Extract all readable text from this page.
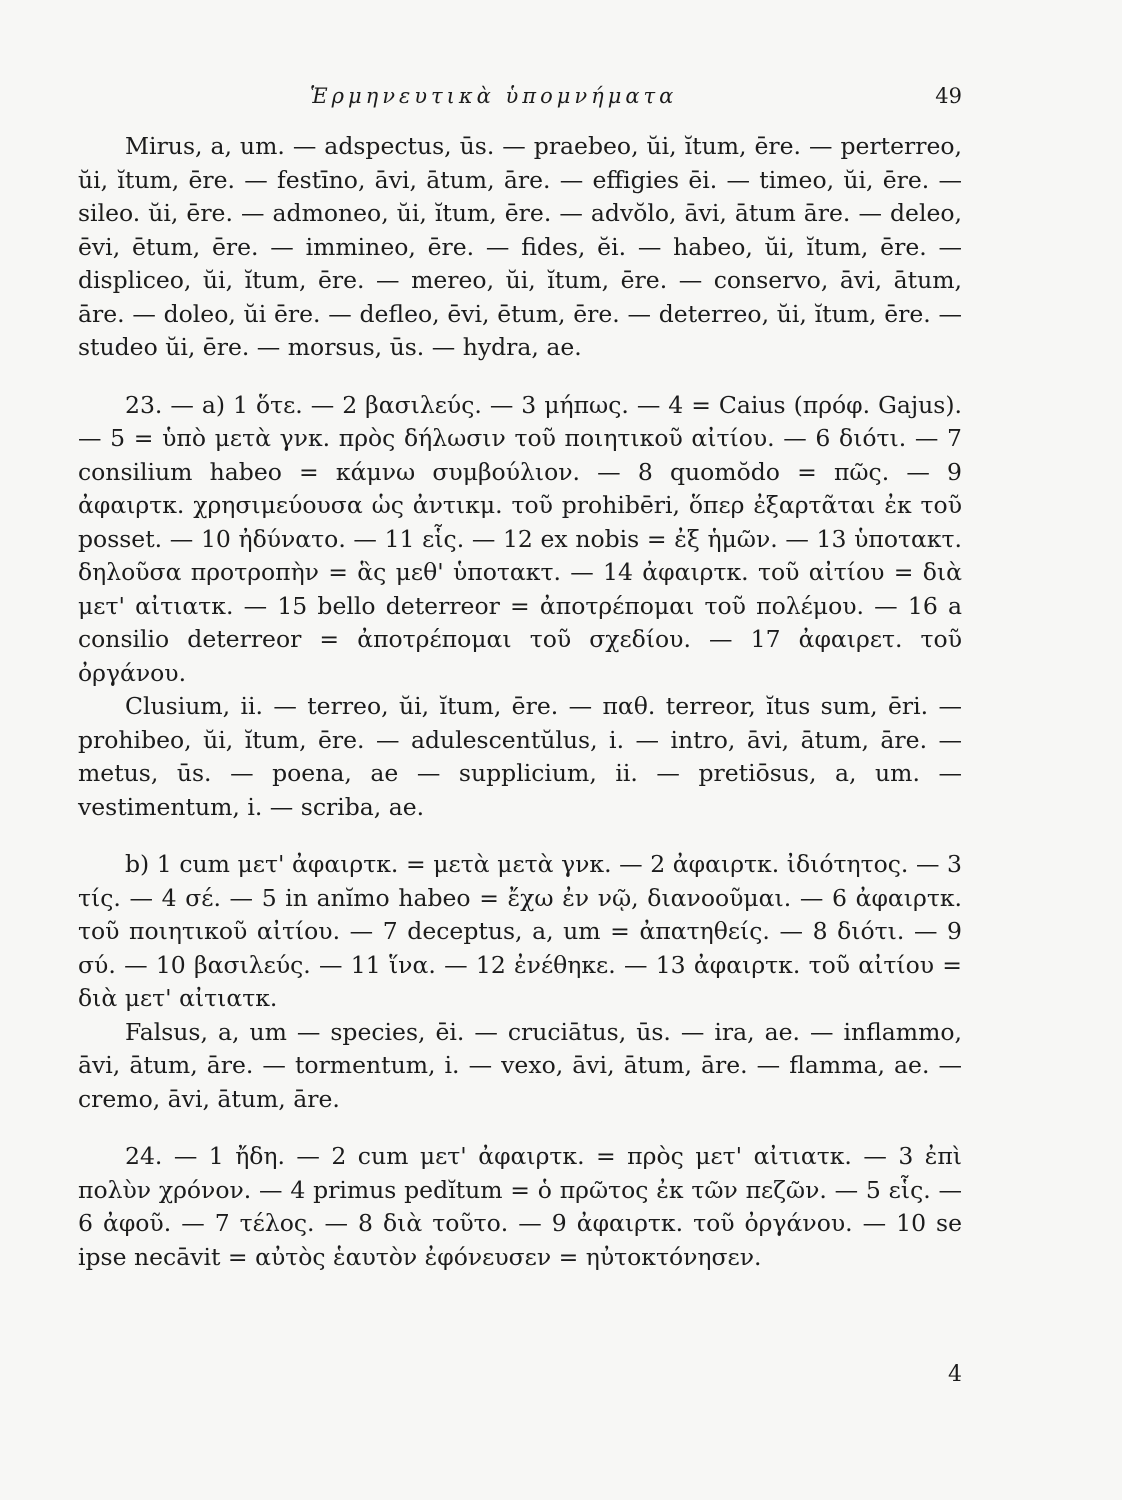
Ἑρμηνευτικὰ ὑπομνήματα	49

Mirus, a, um. — adspectus, ūs. — praebeo, ŭi, ĭtum, ēre. — perterreo, ŭi, ĭtum, ēre. — festīno, āvi, ātum, āre. — effigies ēi. — timeo, ŭi, ēre. — sileo. ŭi, ēre. — admoneo, ŭi, ĭtum, ēre. — advŏlo, āvi, ātum āre. — deleo, ēvi, ētum, ēre. — immineo, ēre. — fides, ĕi. — habeo, ŭi, ĭtum, ēre. — displiceo, ŭi, ĭtum, ēre. — mereo, ŭi, ĭtum, ēre. — conservo, āvi, ātum, āre. — doleo, ŭi ēre. — defleo, ēvi, ētum, ēre. — deterreo, ŭi, ĭtum, ēre. — studeo ŭi, ēre. — morsus, ūs. — hydra, ae.

23. — a) 1 ὅτε. — 2 βασιλεύς. — 3 μήπως. — 4 = Caius (πρόφ. Gajus). — 5 = ὑπὸ μετὰ γνκ. πρὸς δήλωσιν τοῦ ποιητικοῦ αἰτίου. — 6 διότι. — 7 consilium habeo = κάμνω συμβούλιον. — 8 quomŏdo = πῶς. — 9 ἀφαιρτκ. χρησιμεύουσα ὡς ἀντικμ. τοῦ prohibēri, ὅπερ ἐξαρτᾶται ἐκ τοῦ posset. — 10 ἠδύνατο. — 11 εἷς. — 12 ex nobis = ἐξ ἡμῶν. — 13 ὑποτακτ. δηλοῦσα προτροπὴν = ἃς μεθ' ὑποτακτ. — 14 ἀφαιρτκ. τοῦ αἰτίου = διὰ μετ' αἰτιατκ. — 15 bello deterreor = ἀποτρέπομαι τοῦ πολέμου. — 16 a consilio deterreor = ἀποτρέπομαι τοῦ σχεδίου. — 17 ἀφαιρετ. τοῦ ὀργάνου.

Clusium, ii. — terreo, ŭi, ĭtum, ēre. — παθ. terreor, ĭtus sum, ēri. — prohibeo, ŭi, ĭtum, ēre. — adulescentŭlus, i. — intro, āvi, ātum, āre. — metus, ūs. — poena, ae — supplicium, ii. — pretiōsus, a, um. — vestimentum, i. — scriba, ae.

b) 1 cum μετ' ἀφαιρτκ. = μετὰ μετὰ γνκ. — 2 ἀφαιρτκ. ἰδιότητος. — 3 τίς. — 4 σέ. — 5 in anĭmo habeo = ἔχω ἐν νῷ, διανοοῦμαι. — 6 ἀφαιρτκ. τοῦ ποιητικοῦ αἰτίου. — 7 deceptus, a, um = ἀπατηθείς. — 8 διότι. — 9 σύ. — 10 βασιλεύς. — 11 ἵνα. — 12 ἐνέθηκε. — 13 ἀφαιρτκ. τοῦ αἰτίου = διὰ μετ' αἰτιατκ.

Falsus, a, um — species, ēi. — cruciātus, ūs. — ira, ae. — inflammo, āvi, ātum, āre. — tormentum, i. — vexo, āvi, ātum, āre. — flamma, ae. — cremo, āvi, ātum, āre.

24. — 1 ἤδη. — 2 cum μετ' ἀφαιρτκ. = πρὸς μετ' αἰτιατκ. — 3 ἐπὶ πολὺν χρόνον. — 4 primus pedĭtum = ὁ πρῶτος ἐκ τῶν πεζῶν. — 5 εἷς. — 6 ἀφοῦ. — 7 τέλος. — 8 διὰ τοῦτο. — 9 ἀφαιρτκ. τοῦ ὀργάνου. — 10 se ipse necāvit = αὐτὸς ἑαυτὸν ἐφόνευσεν = ηὐτοκτόνησεν.

4
